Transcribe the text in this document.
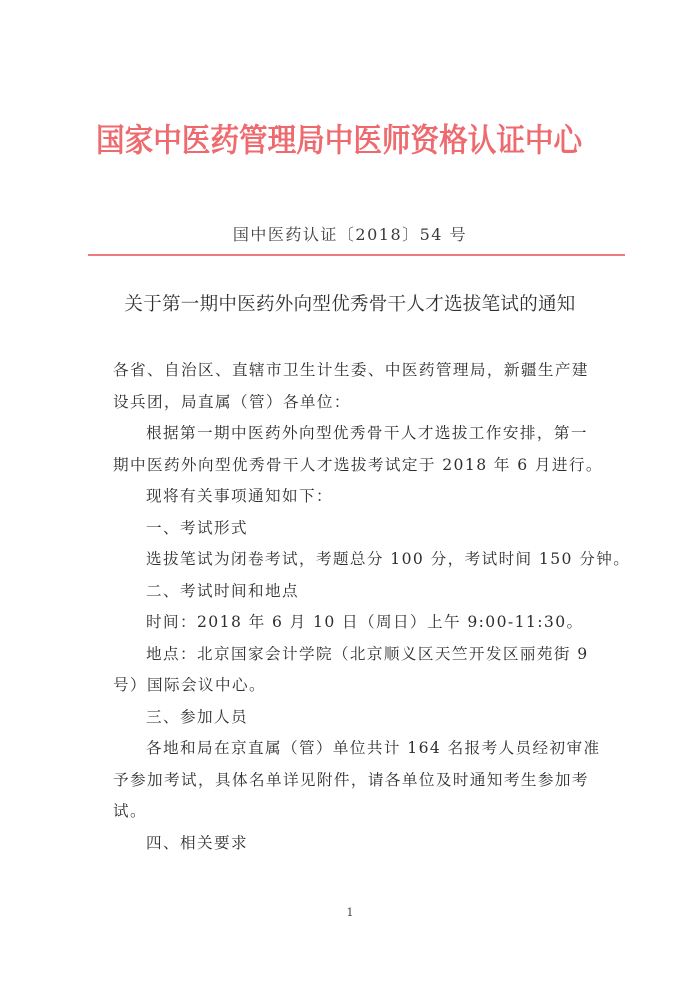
国家中医药管理局中医师资格认证中心
国中医药认证〔2018〕54 号
关于第一期中医药外向型优秀骨干人才选拔笔试的通知
各省、自治区、直辖市卫生计生委、中医药管理局，新疆生产建
设兵团，局直属（管）各单位：
根据第一期中医药外向型优秀骨干人才选拔工作安排，第一
期中医药外向型优秀骨干人才选拔考试定于 2018 年 6 月进行。
现将有关事项通知如下：
一、考试形式
选拔笔试为闭卷考试，考题总分 100 分，考试时间 150 分钟。
二、考试时间和地点
时间：2018 年 6 月 10 日（周日）上午 9:00-11:30。
地点：北京国家会计学院（北京顺义区天竺开发区丽苑街 9
号）国际会议中心。
三、参加人员
各地和局在京直属（管）单位共计 164 名报考人员经初审准
予参加考试，具体名单详见附件，请各单位及时通知考生参加考
试。
四、相关要求
1
